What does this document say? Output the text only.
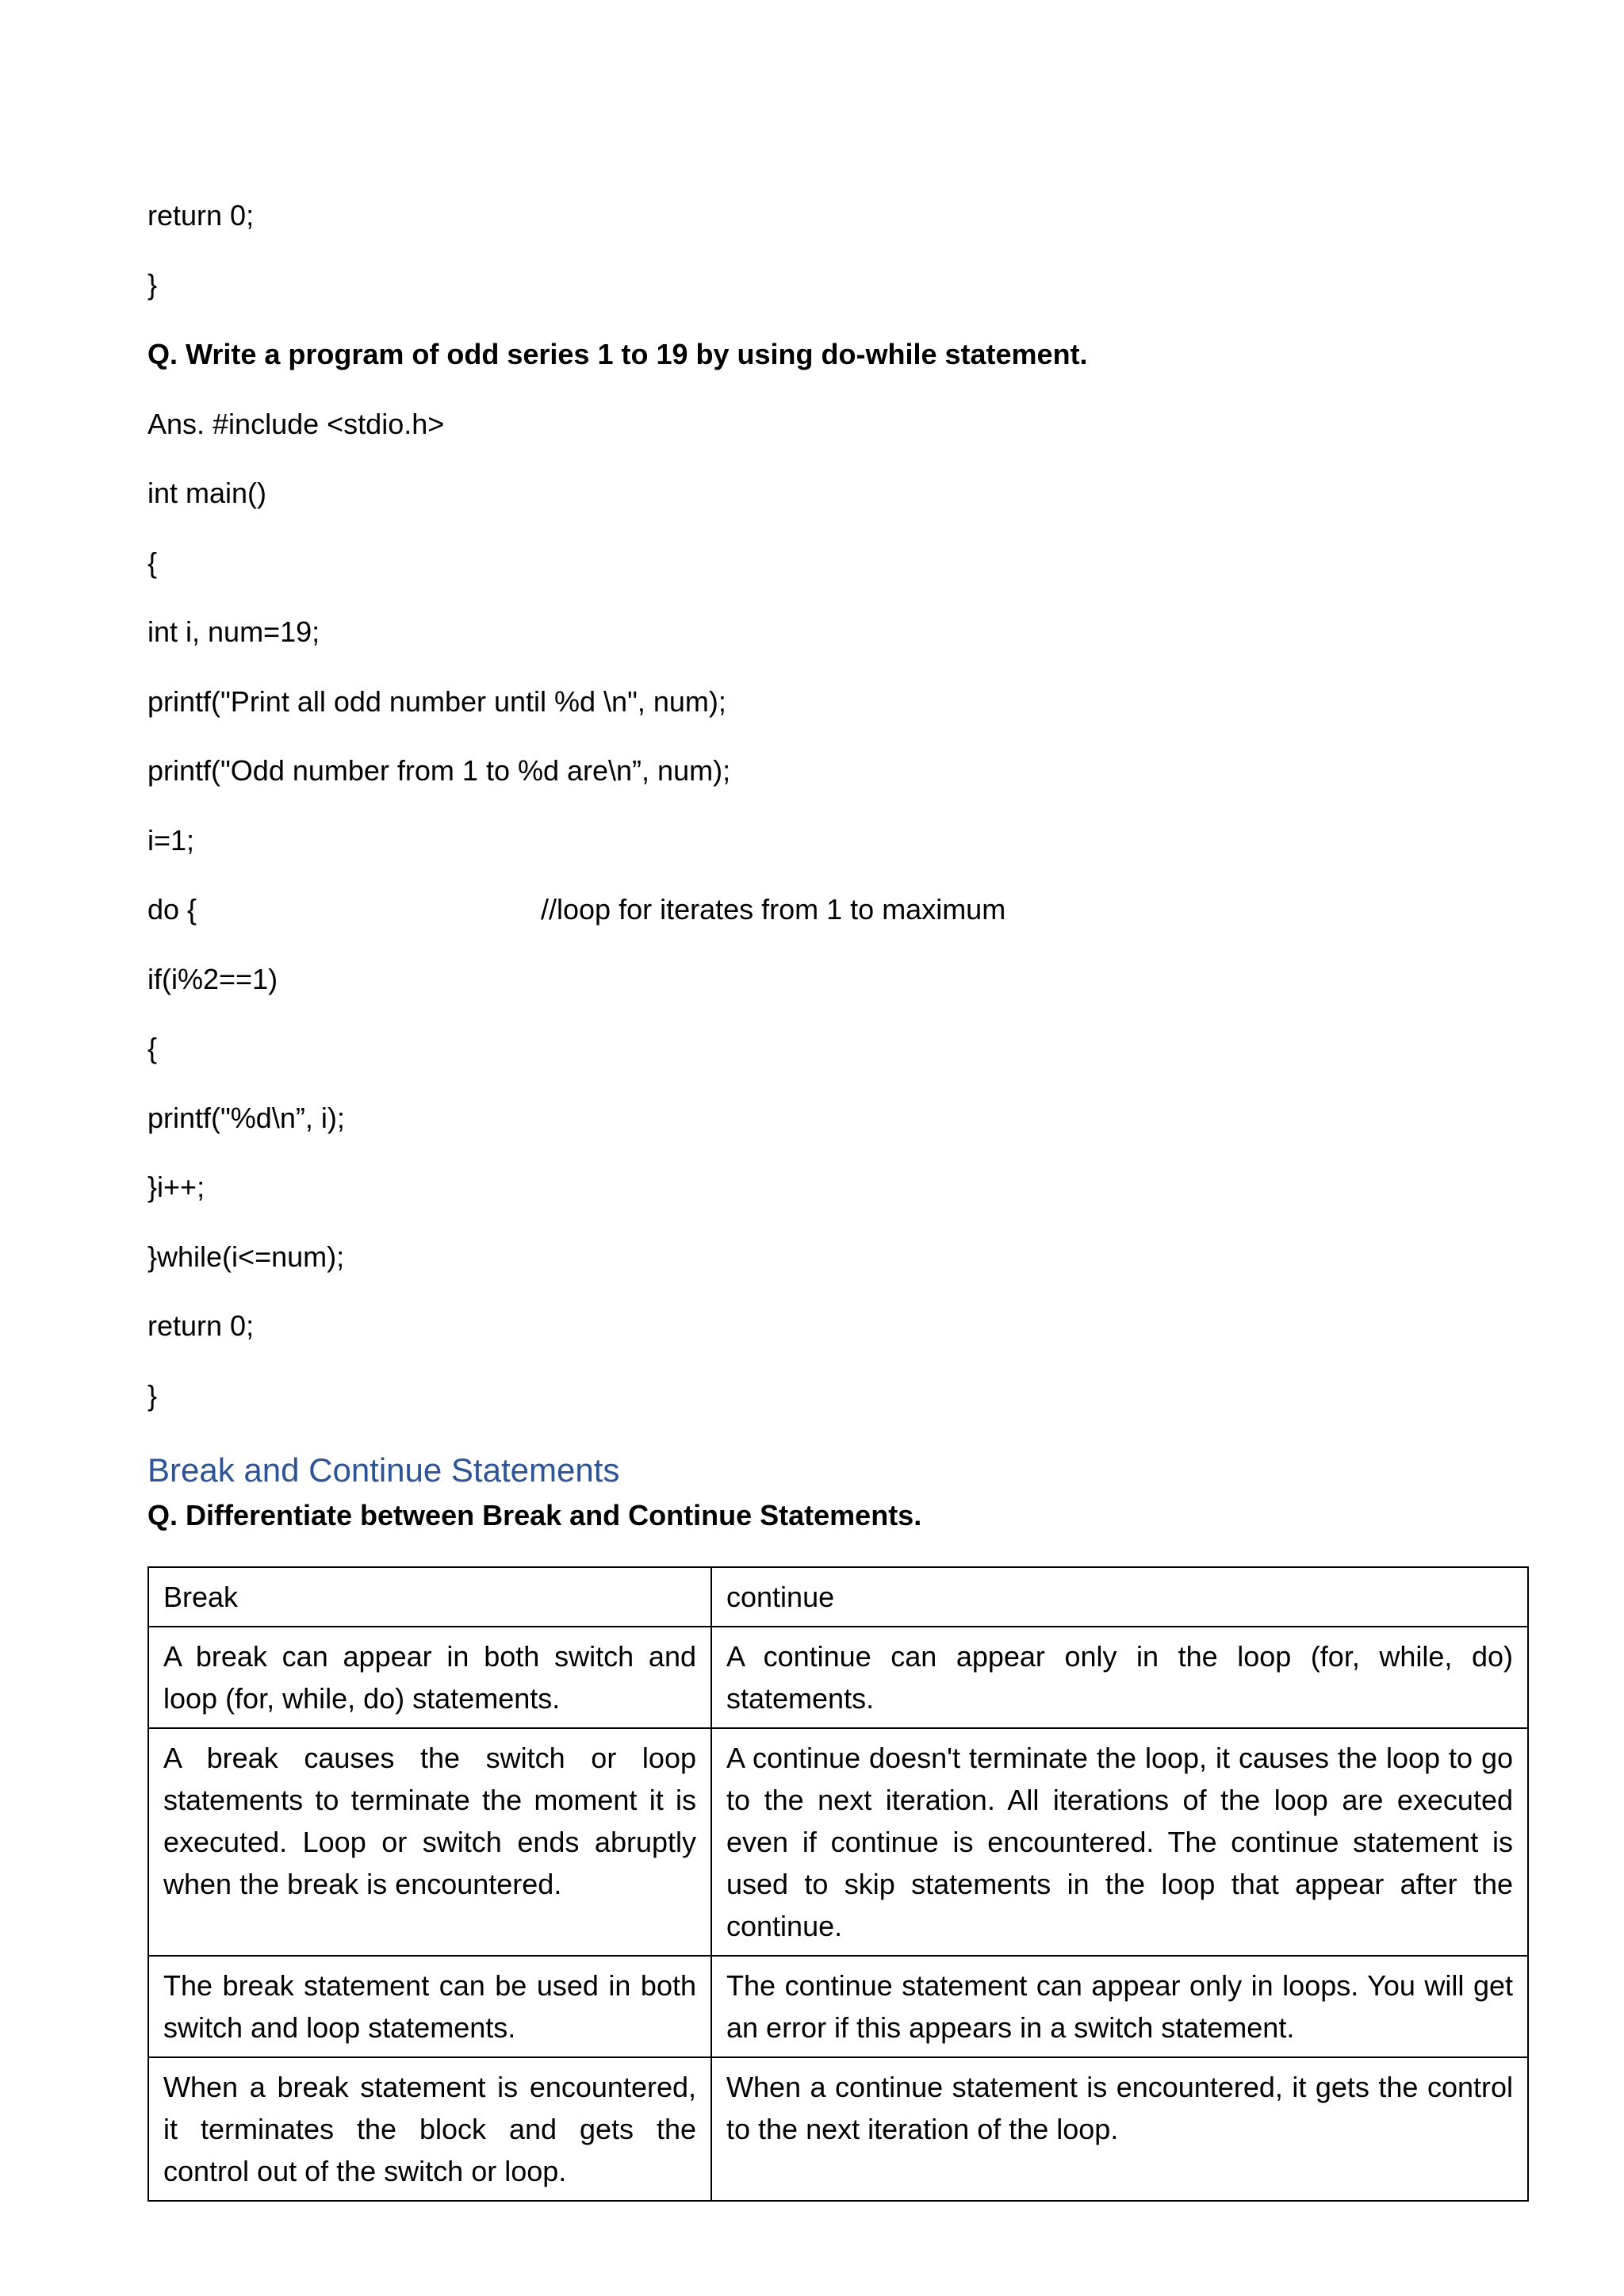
return 0;
}
Q. Write a program of odd series 1 to 19 by using do-while statement.
Ans. #include <stdio.h>
int main()
{
int i, num=19;
printf("Print all odd number until %d \n", num);
printf("Odd number from 1 to %d are\n”, num);
i=1;
do {	//loop for iterates from 1 to maximum
if(i%2==1)
{
printf("%d\n”, i);
}i++;
}while(i<=num);
return 0;
}
Break and Continue Statements
Q. Differentiate between Break and Continue Statements.
Break	continue
A break can appear in both switch and loop (for, while, do) statements.	A continue can appear only in the loop (for, while, do) statements.
A break causes the switch or loop statements to terminate the moment it is executed. Loop or switch ends abruptly when the break is encountered.	A continue doesn't terminate the loop, it causes the loop to go to the next iteration. All iterations of the loop are executed even if continue is encountered. The continue statement is used to skip statements in the loop that appear after the continue.
The break statement can be used in both switch and loop statements.	The continue statement can appear only in loops. You will get an error if this appears in a switch statement.
When a break statement is encountered, it terminates the block and gets the control out of the switch or loop.	When a continue statement is encountered, it gets the control to the next iteration of the loop.
